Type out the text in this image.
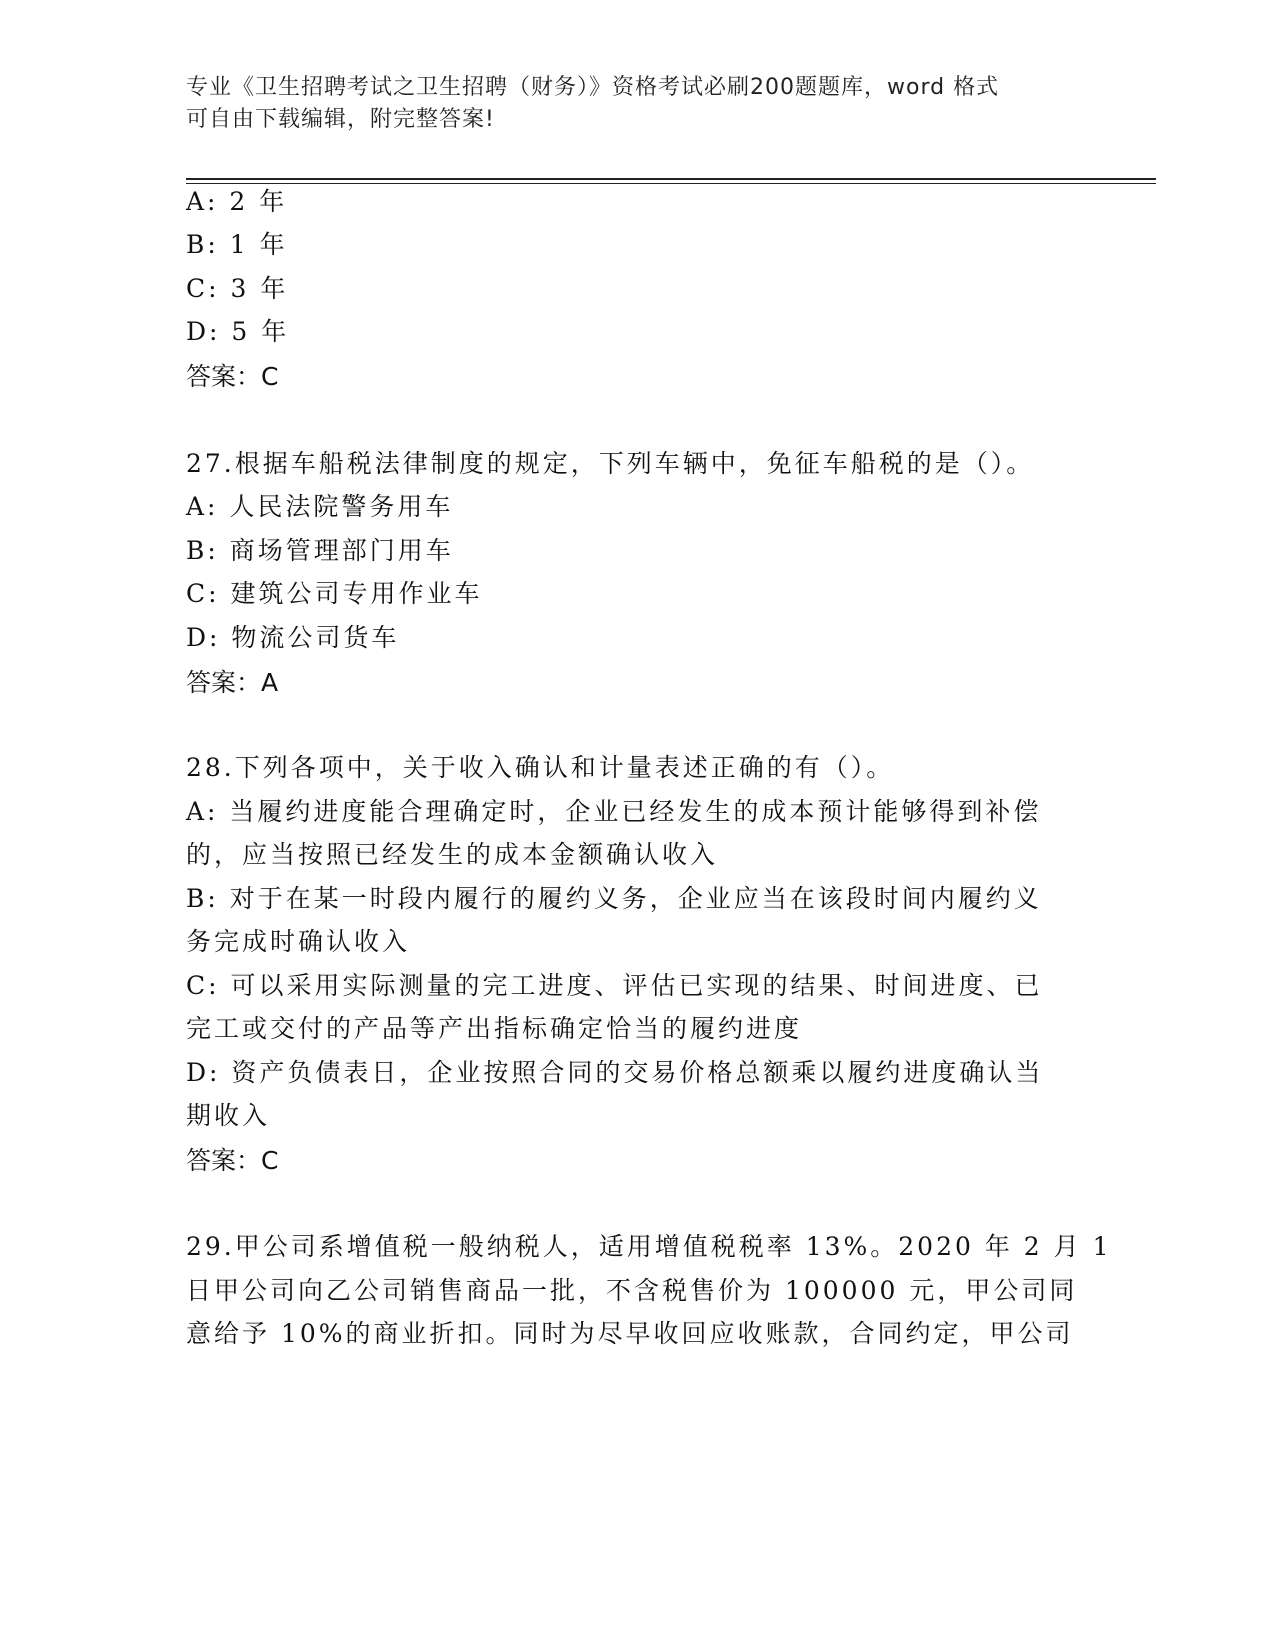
专业《卫生招聘考试之卫生招聘（财务）》资格考试必刷200题题库，word 格式
可自由下载编辑，附完整答案!
A: 2 年
B: 1 年
C: 3 年
D: 5 年
答案：C
27.根据车船税法律制度的规定，下列车辆中，免征车船税的是（）。
A: 人民法院警务用车
B: 商场管理部门用车
C: 建筑公司专用作业车
D: 物流公司货车
答案：A
28.下列各项中，关于收入确认和计量表述正确的有（）。
A: 当履约进度能合理确定时，企业已经发生的成本预计能够得到补偿
的，应当按照已经发生的成本金额确认收入
B: 对于在某一时段内履行的履约义务，企业应当在该段时间内履约义
务完成时确认收入
C: 可以采用实际测量的完工进度、评估已实现的结果、时间进度、已
完工或交付的产品等产出指标确定恰当的履约进度
D: 资产负债表日，企业按照合同的交易价格总额乘以履约进度确认当
期收入
答案：C
29.甲公司系增值税一般纳税人，适用增值税税率 13%。2020 年 2 月 1
日甲公司向乙公司销售商品一批，不含税售价为 100000 元，甲公司同
意给予 10%的商业折扣。同时为尽早收回应收账款，合同约定，甲公司
